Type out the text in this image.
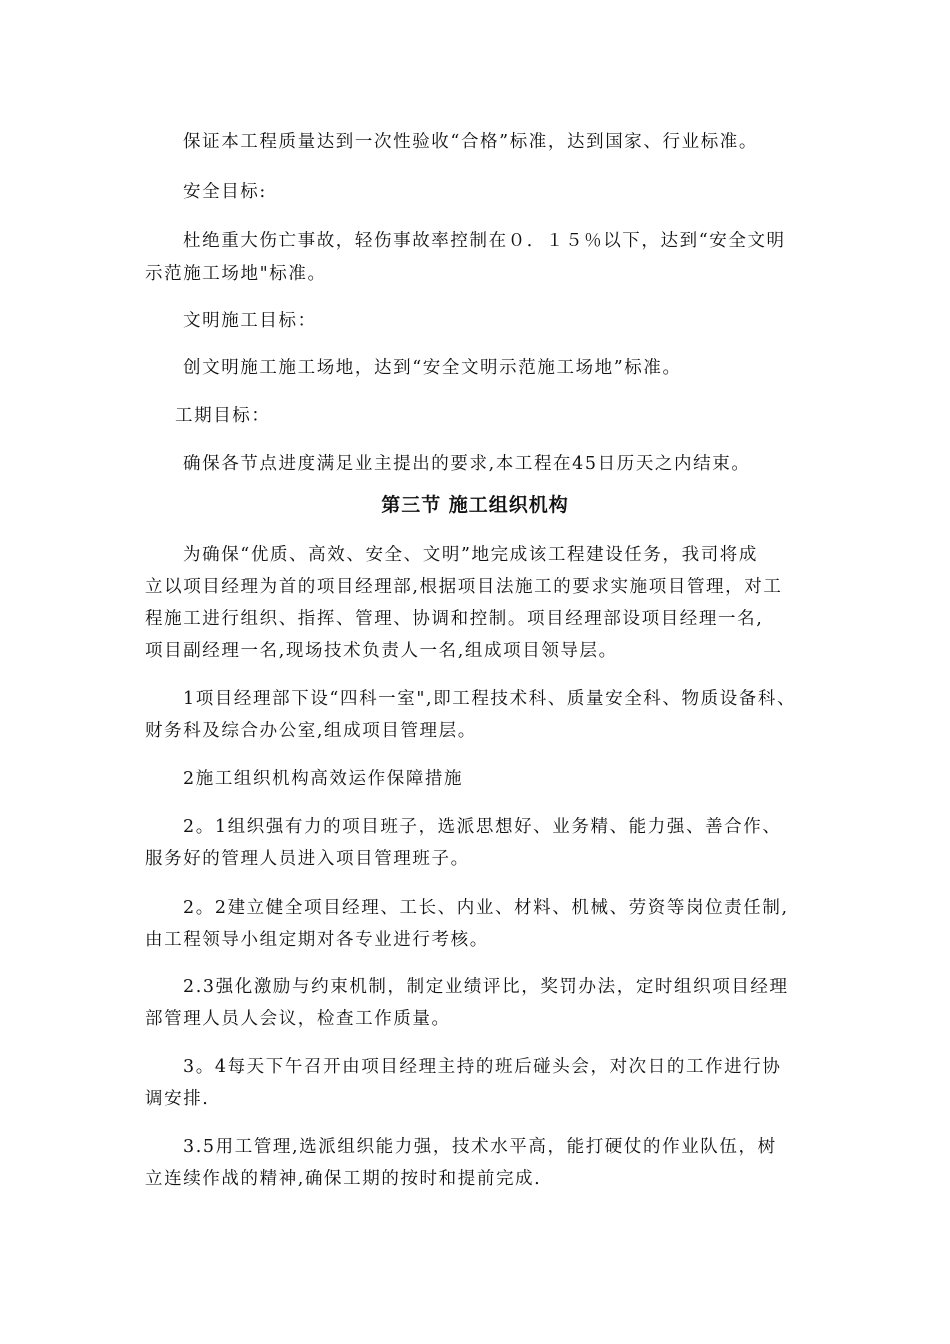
保证本工程质量达到一次性验收“合格”标准，达到国家、行业标准。
安全目标:
杜绝重大伤亡事故，轻伤事故率控制在０．１５％以下，达到“安全文明
示范施工场地"标准。
文明施工目标：
创文明施工施工场地，达到“安全文明示范施工场地”标准。
工期目标：
确保各节点进度满足业主提出的要求,本工程在45日历天之内结束。
第三节 施工组织机构
为确保“优质、高效、安全、文明”地完成该工程建设任务，我司将成
立以项目经理为首的项目经理部,根据项目法施工的要求实施项目管理，对工
程施工进行组织、指挥、管理、协调和控制。项目经理部设项目经理一名,
项目副经理一名,现场技术负责人一名,组成项目领导层。
1项目经理部下设“四科一室",即工程技术科、质量安全科、物质设备科、
财务科及综合办公室,组成项目管理层。
2施工组织机构高效运作保障措施
2。1组织强有力的项目班子，选派思想好、业务精、能力强、善合作、
服务好的管理人员进入项目管理班子。
2。2建立健全项目经理、工长、内业、材料、机械、劳资等岗位责任制,
由工程领导小组定期对各专业进行考核。
2.3强化激励与约束机制，制定业绩评比，奖罚办法，定时组织项目经理
部管理人员人会议，检查工作质量。
3。4每天下午召开由项目经理主持的班后碰头会，对次日的工作进行协
调安排.
3.5用工管理,选派组织能力强，技术水平高，能打硬仗的作业队伍，树
立连续作战的精神,确保工期的按时和提前完成.
